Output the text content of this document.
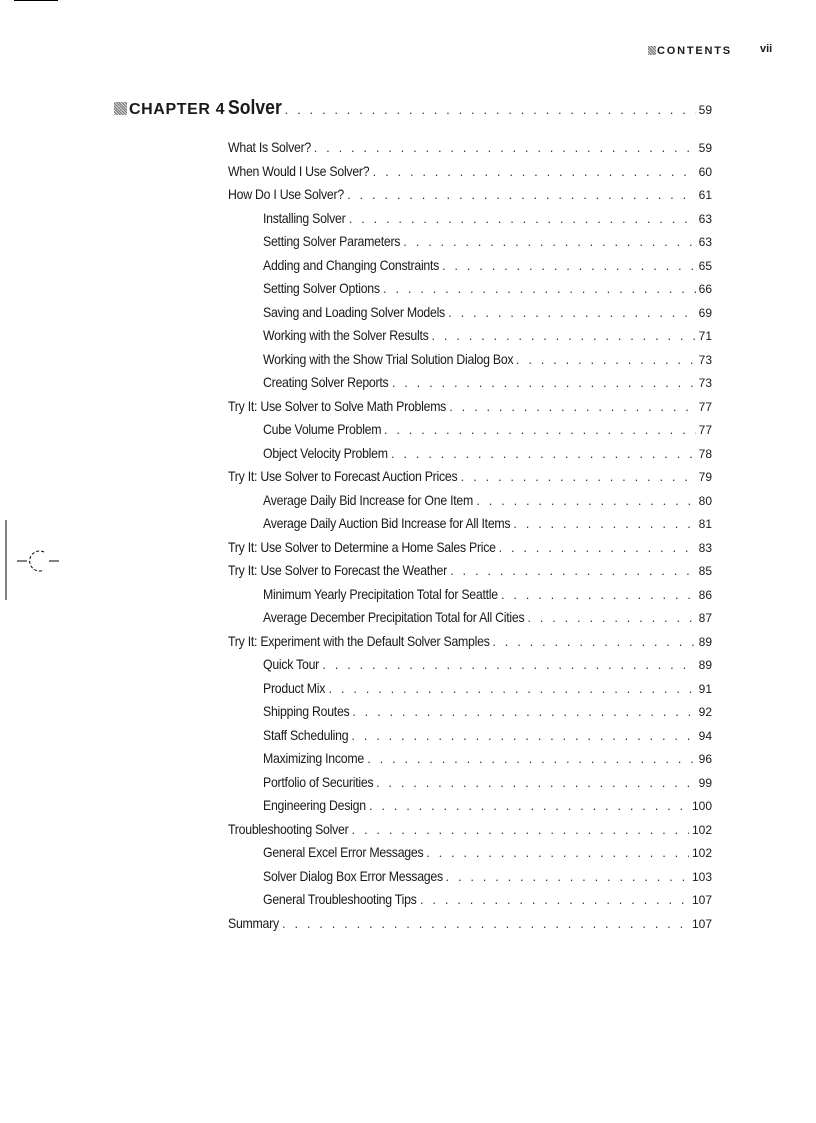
CONTENTS	vii
CHAPTER 4 Solver . . .	59
What Is Solver? . . .	59
When Would I Use Solver? . . .	60
How Do I Use Solver? . . .	61
Installing Solver . . .	63
Setting Solver Parameters . . .	63
Adding and Changing Constraints . . .	65
Setting Solver Options . . .	66
Saving and Loading Solver Models . . .	69
Working with the Solver Results . . .	71
Working with the Show Trial Solution Dialog Box . . .	73
Creating Solver Reports . . .	73
Try It: Use Solver to Solve Math Problems . . .	77
Cube Volume Problem . . .	77
Object Velocity Problem . . .	78
Try It: Use Solver to Forecast Auction Prices . . .	79
Average Daily Bid Increase for One Item . . .	80
Average Daily Auction Bid Increase for All Items . . .	81
Try It: Use Solver to Determine a Home Sales Price . . .	83
Try It: Use Solver to Forecast the Weather . . .	85
Minimum Yearly Precipitation Total for Seattle . . .	86
Average December Precipitation Total for All Cities . . .	87
Try It: Experiment with the Default Solver Samples . . .	89
Quick Tour . . .	89
Product Mix . . .	91
Shipping Routes . . .	92
Staff Scheduling . . .	94
Maximizing Income . . .	96
Portfolio of Securities . . .	99
Engineering Design . . .	100
Troubleshooting Solver . . .	102
General Excel Error Messages . . .	102
Solver Dialog Box Error Messages . . .	103
General Troubleshooting Tips . . .	107
Summary . . .	107
